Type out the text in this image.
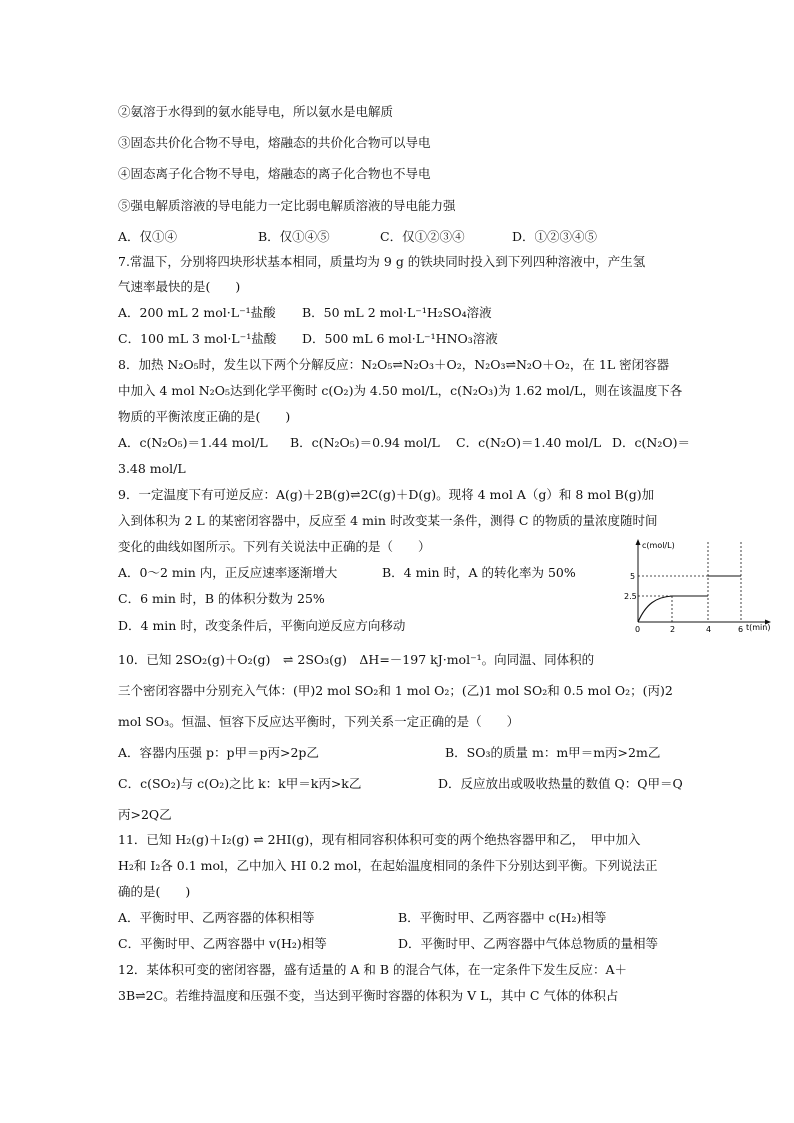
②氨溶于水得到的氨水能导电，所以氨水是电解质
③固态共价化合物不导电，熔融态的共价化合物可以导电
④固态离子化合物不导电，熔融态的离子化合物也不导电
⑤强电解质溶液的导电能力一定比弱电解质溶液的导电能力强
A．仅①④	B．仅①④⑤	C．仅①②③④	D．①②③④⑤
7.常温下，分别将四块形状基本相同，质量均为 9 g 的铁块同时投入到下列四种溶液中，产生氢
气速率最快的是(　　)
A．200 mL 2 mol·L⁻¹盐酸 B．50 mL 2 mol·L⁻¹H₂SO₄溶液
C．100 mL 3 mol·L⁻¹盐酸 D．500 mL 6 mol·L⁻¹HNO₃溶液
8．加热 N₂O₅时，发生以下两个分解反应：N₂O₅⇌N₂O₃＋O₂，N₂O₃⇌N₂O＋O₂，在 1L 密闭容器
中加入 4 mol N₂O₅达到化学平衡时 c(O₂)为 4.50 mol/L，c(N₂O₃)为 1.62 mol/L，则在该温度下各
物质的平衡浓度正确的是(　　)
A．c(N₂O₅)＝1.44 mol/L B．c(N₂O₅)＝0.94 mol/L C．c(N₂O)＝1.40 mol/L D．c(N₂O)＝
3.48 mol/L
9．一定温度下有可逆反应：A(g)＋2B(g)⇌2C(g)＋D(g)。现将 4 mol A（g）和 8 mol B(g)加
入到体积为 2 L 的某密闭容器中，反应至 4 min 时改变某一条件，测得 C 的物质的量浓度随时间
变化的曲线如图所示。下列有关说法中正确的是（　　）
A．0～2 min 内，正反应速率逐渐增大	B．4 min 时，A 的转化率为 50%
C．6 min 时，B 的体积分数为 25%
D．4 min 时，改变条件后，平衡向逆反应方向移动
c(mol/L)
t(min)
5
2.5
0	2	4	6
10．已知 2SO₂(g)＋O₂(g)　⇌ 2SO₃(g)　ΔH=－197 kJ·mol⁻¹。向同温、同体积的
三个密闭容器中分别充入气体：(甲)2 mol SO₂和 1 mol O₂；(乙)1 mol SO₂和 0.5 mol O₂；(丙)2
mol SO₃。恒温、恒容下反应达平衡时，下列关系一定正确的是（　　）
A．容器内压强 p：p甲＝p丙>2p乙	B．SO₃的质量 m：m甲＝m丙>2m乙
C．c(SO₂)与 c(O₂)之比 k：k甲＝k丙>k乙	D．反应放出或吸收热量的数值 Q：Q甲＝Q
丙>2Q乙
11．已知 H₂(g)＋I₂(g) ⇌ 2HI(g)，现有相同容积体积可变的两个绝热容器甲和乙，　甲中加入
H₂和 I₂各 0.1 mol，乙中加入 HI 0.2 mol，在起始温度相同的条件下分别达到平衡。下列说法正
确的是(　　)
A．平衡时甲、乙两容器的体积相等	B．平衡时甲、乙两容器中 c(H₂)相等
C．平衡时甲、乙两容器中 v(H₂)相等	D．平衡时甲、乙两容器中气体总物质的量相等
12．某体积可变的密闭容器，盛有适量的 A 和 B 的混合气体，在一定条件下发生反应：A＋
3B⇌2C。若维持温度和压强不变，当达到平衡时容器的体积为 V L，其中 C 气体的体积占
